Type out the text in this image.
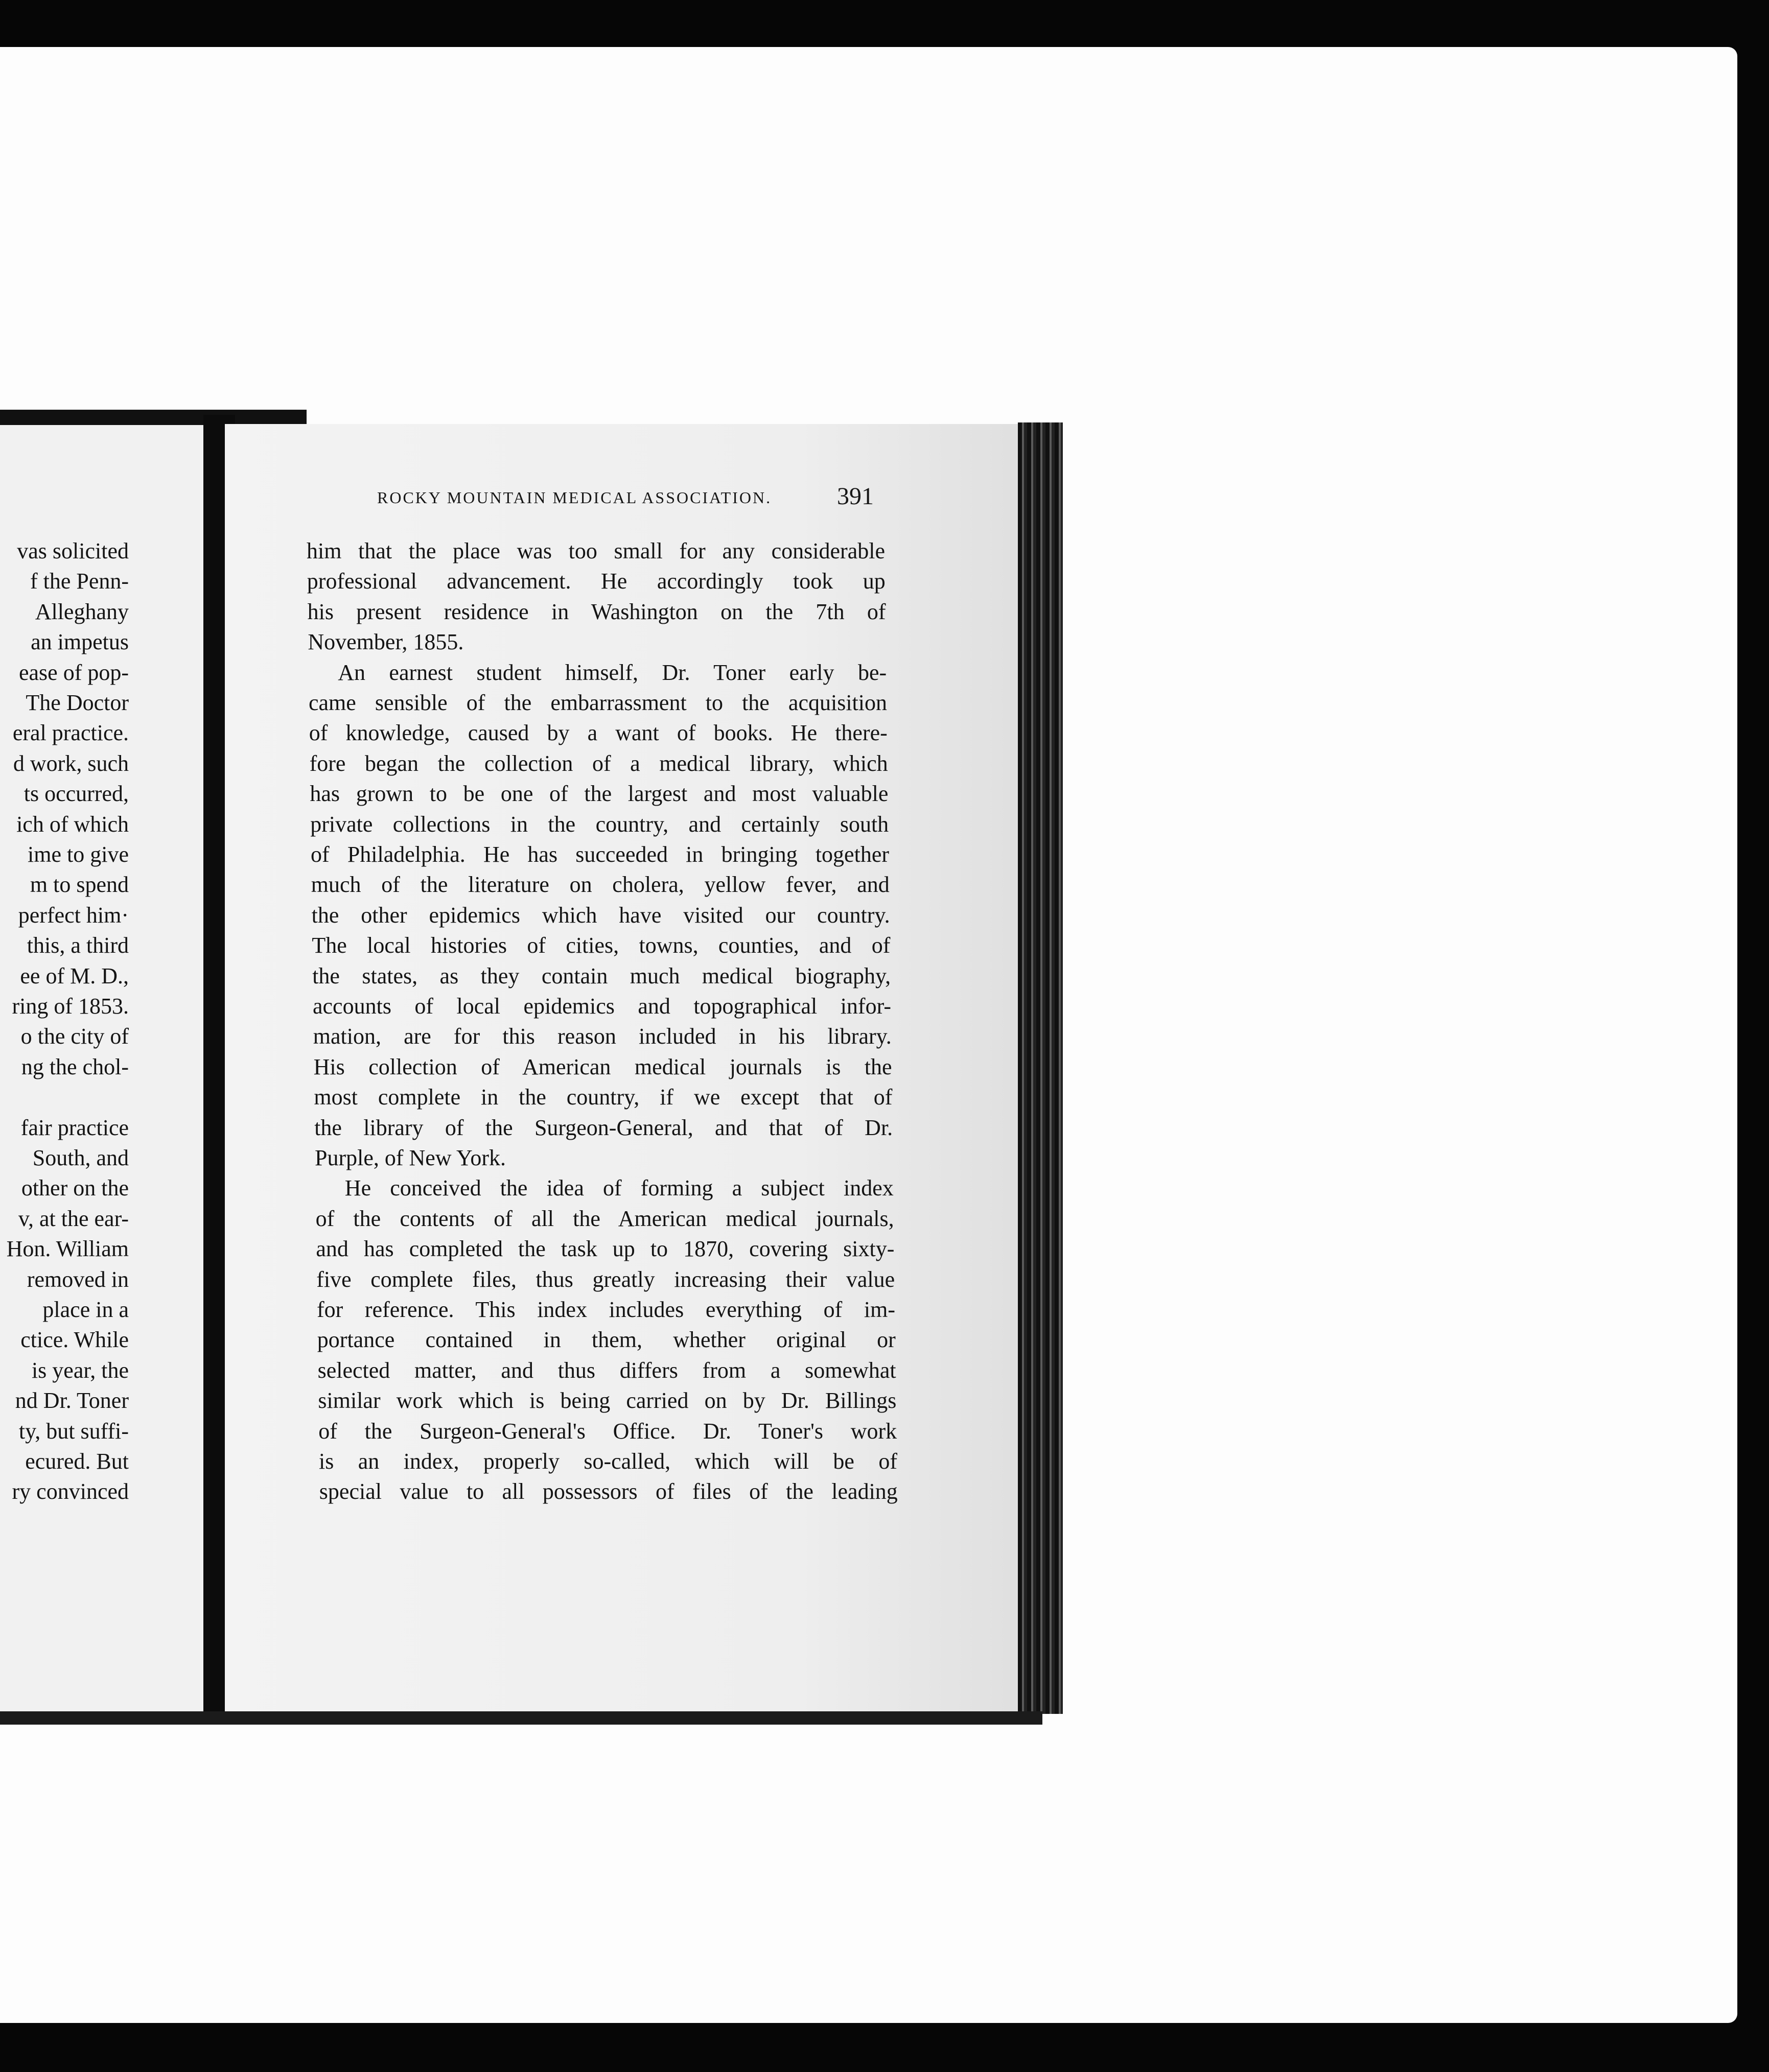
ROCKY MOUNTAIN MEDICAL ASSOCIATION.	391

vas solicited

f the Penn-

Alleghany

an impetus

ease of pop-

The Doctor

eral practice.

d work, such

ts occurred,

ich of which

ime to give

m to spend

perfect him·

this, a third

ee of M. D.,

ring of 1853.

o the city of

ng the chol-

fair practice

South, and

other on the

v, at the ear-

Hon. William

removed in

place in a

ctice. While

is year, the

nd Dr. Toner

ty, but suffi-

ecured. But

ry convinced

him that the place was too small for any considerable

professional advancement. He accordingly took up

his present residence in Washington on the 7th of

November, 1855.

An earnest student himself, Dr. Toner early be-

came sensible of the embarrassment to the acquisition

of knowledge, caused by a want of books. He there-

fore began the collection of a medical library, which

has grown to be one of the largest and most valuable

private collections in the country, and certainly south

of Philadelphia. He has succeeded in bringing together

much of the literature on cholera, yellow fever, and

the other epidemics which have visited our country.

The local histories of cities, towns, counties, and of

the states, as they contain much medical biography,

accounts of local epidemics and topographical infor-

mation, are for this reason included in his library.

His collection of American medical journals is the

most complete in the country, if we except that of

the library of the Surgeon-General, and that of Dr.

Purple, of New York.

He conceived the idea of forming a subject index

of the contents of all the American medical journals,

and has completed the task up to 1870, covering sixty-

five complete files, thus greatly increasing their value

for reference. This index includes everything of im-

portance contained in them, whether original or

selected matter, and thus differs from a somewhat

similar work which is being carried on by Dr. Billings

of the Surgeon-General's Office. Dr. Toner's work

is an index, properly so-called, which will be of

special value to all possessors of files of the leading
